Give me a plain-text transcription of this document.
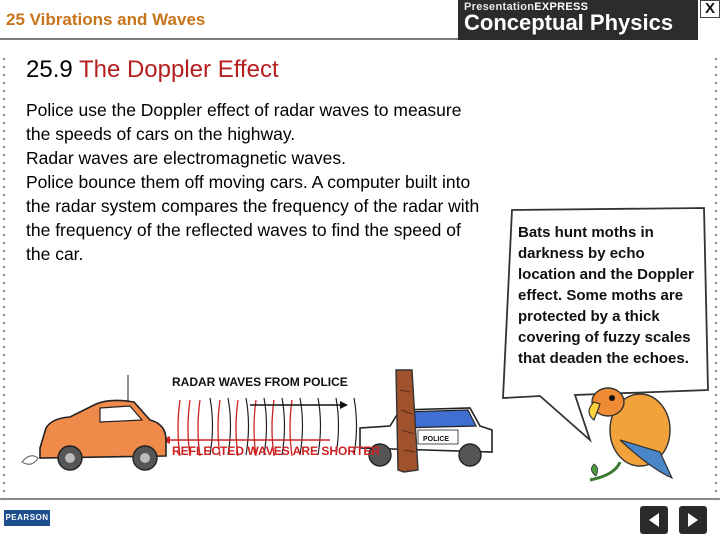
25 Vibrations and Waves
PresentationEXPRESS
Conceptual Physics
X
25.9 The Doppler Effect

Police use the Doppler effect of radar waves to measure the speeds of cars on the highway.

Radar waves are electromagnetic waves.

Police bounce them off moving cars. A computer built into the radar system compares the frequency of the radar with the frequency of the reflected waves to find the speed of the car.

RADAR WAVES FROM POLICE
REFLECTED WAVES ARE SHORTER
POLICE
Bats hunt moths in darkness by echo location and the Doppler effect. Some moths are protected by a thick covering of fuzzy scales that deaden the echoes.
PEARSON
